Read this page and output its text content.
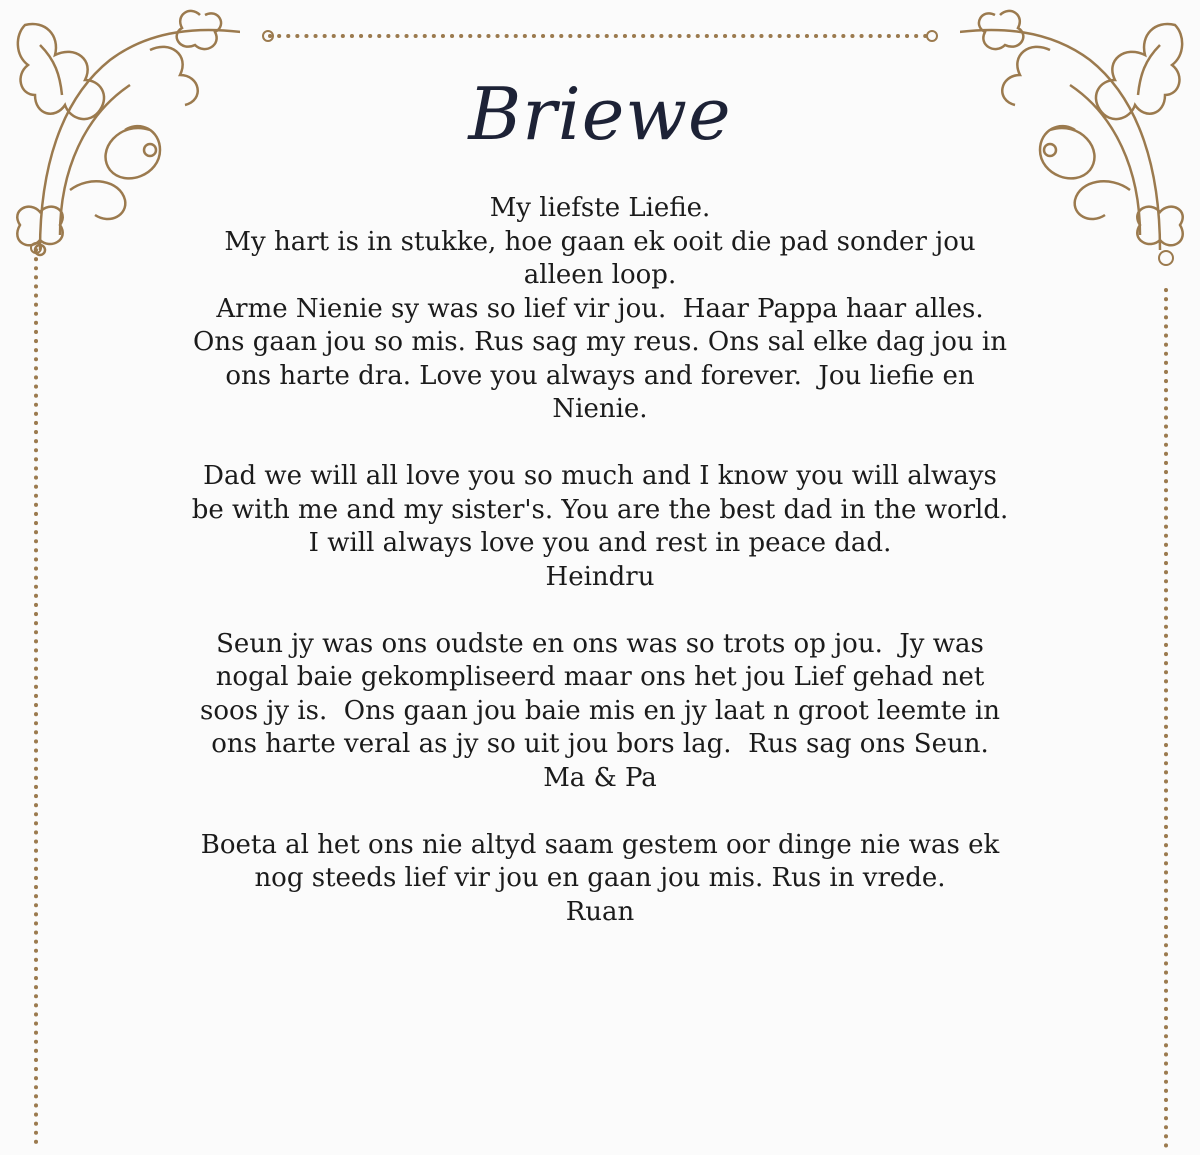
Briewe
My liefste Liefie.
My hart is in stukke, hoe gaan ek ooit die pad sonder jou
alleen loop.
Arme Nienie sy was so lief vir jou.  Haar Pappa haar alles.
Ons gaan jou so mis. Rus sag my reus. Ons sal elke dag jou in
ons harte dra. Love you always and forever.  Jou liefie en
Nienie.
Dad we will all love you so much and I know you will always
be with me and my sister's. You are the best dad in the world.
I will always love you and rest in peace dad.
Heindru
Seun jy was ons oudste en ons was so trots op jou.  Jy was
nogal baie gekompliseerd maar ons het jou Lief gehad net
soos jy is.  Ons gaan jou baie mis en jy laat n groot leemte in
ons harte veral as jy so uit jou bors lag.  Rus sag ons Seun.
Ma & Pa
Boeta al het ons nie altyd saam gestem oor dinge nie was ek
nog steeds lief vir jou en gaan jou mis. Rus in vrede.
Ruan
